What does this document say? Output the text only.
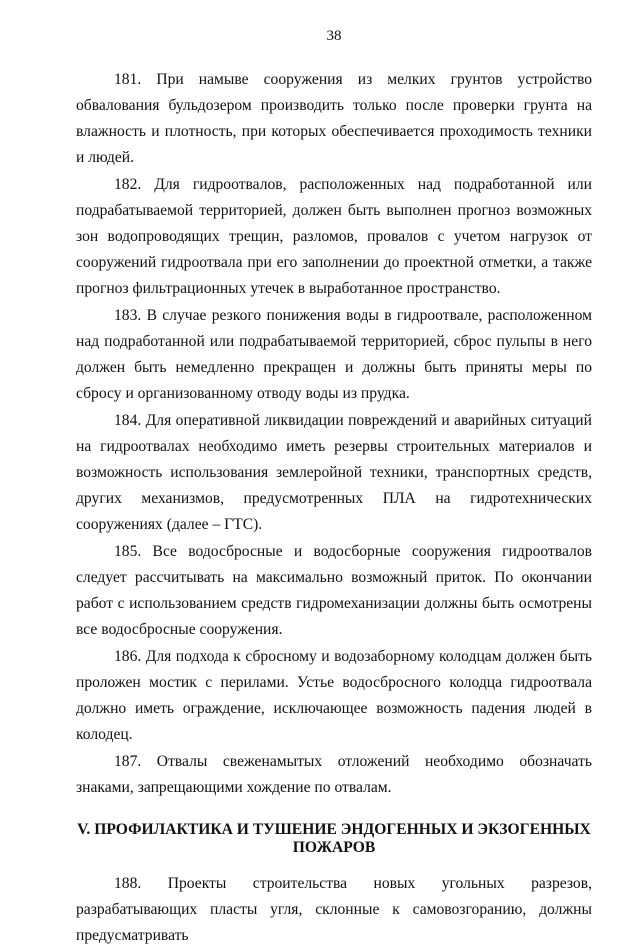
38

181. При намыве сооружения из мелких грунтов устройство обвалования бульдозером производить только после проверки грунта на влажность и плотность, при которых обеспечивается проходимость техники и людей.

182. Для гидроотвалов, расположенных над подработанной или подрабатываемой территорией, должен быть выполнен прогноз возможных зон водопроводящих трещин, разломов, провалов с учетом нагрузок от сооружений гидроотвала при его заполнении до проектной отметки, а также прогноз фильтрационных утечек в выработанное пространство.

183. В случае резкого понижения воды в гидроотвале, расположенном над подработанной или подрабатываемой территорией, сброс пульпы в него должен быть немедленно прекращен и должны быть приняты меры по сбросу и организованному отводу воды из прудка.

184. Для оперативной ликвидации повреждений и аварийных ситуаций на гидроотвалах необходимо иметь резервы строительных материалов и возможность использования землеройной техники, транспортных средств, других механизмов, предусмотренных ПЛА на гидротехнических сооружениях (далее – ГТС).

185. Все водосбросные и водосборные сооружения гидроотвалов следует рассчитывать на максимально возможный приток. По окончании работ с использованием средств гидромеханизации должны быть осмотрены все водосбросные сооружения.

186. Для подхода к сбросному и водозаборному колодцам должен быть проложен мостик с перилами. Устье водосбросного колодца гидроотвала должно иметь ограждение, исключающее возможность падения людей в колодец.

187. Отвалы свеженамытых отложений необходимо обозначать знаками, запрещающими хождение по отвалам.

V. ПРОФИЛАКТИКА И ТУШЕНИЕ ЭНДОГЕННЫХ И ЭКЗОГЕННЫХ
ПОЖАРОВ

188. Проекты строительства новых угольных разрезов, разрабатывающих пласты угля, склонные к самовозгоранию, должны предусматривать
